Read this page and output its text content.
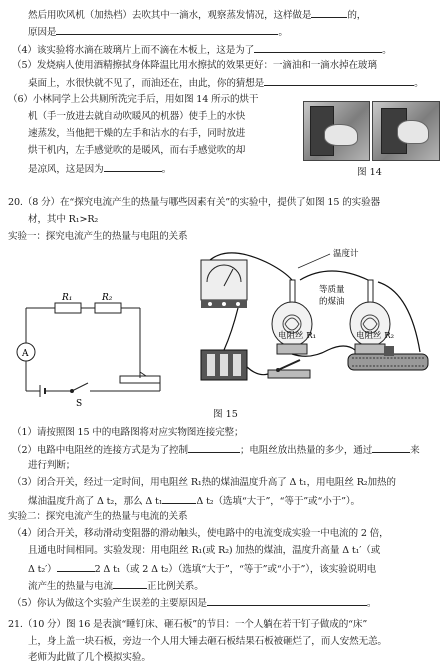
然后用吹风机（加热档）去吹其中一滴水，观察蒸发情况，这样做是	的，
原因是	。
（4）该实验将水滴在玻璃片上而不滴在木板上，这是为了	。
（5）发烧病人使用酒精擦拭身体降温比用水擦拭的效果更好：一滴油和一滴水掉在玻璃
桌面上，水很快就不见了，而油还在，由此，你的猜想是	。
（6）小林同学上公共厕所洗完手后，用如图 14 所示的烘干
机（手一放进去就自动吹暖风的机器）使手上的水快
速蒸发，当他把干燥的左手和沾水的右手，同时放进
烘干机内，左手感觉吹的是暖风，而右手感觉吹的却
是凉风，这是因为	。	图 14
20.（8 分）在“探究电流产生的热量与哪些因素有关”的实验中，提供了如图 15 的实验器
材，其中 R₁>R₂
实验一：探究电流产生的热量与电阻的关系
R₁	R₂
A
S
温度计
等质量
的煤油
电阻丝 R₁	电阻丝 R₂
图 15
（1）请按照图 15 中的电路图将对应实物图连接完整；
（2）电路中电阻丝的连接方式是为了控制	；电阻丝放出热量的多少，通过	来
进行判断；
（3）闭合开关，经过一定时间，用电阻丝 R₁热的煤油温度升高了 Δ t₁，用电阻丝 R₂加热的
煤油温度升高了 Δ t₂，那么 Δ t₁	Δ t₂（选填“大于”，“等于”或“小于”）。
实验二：探究电流产生的热量与电流的关系
（4）闭合开关，移动滑动变阻器的滑动触头，使电路中的电流变成实验一中电流的 2 倍，
且通电时间相同。实验发现：用电阻丝 R₁(或 R₂) 加热的煤油，温度升高量 Δ t₁′（或
Δ t₂′）	2 Δ t₁（或 2 Δ t₂）（选填“大于”，“等于”或“小于”），该实验说明电
流产生的热量与电流	正比例关系。
（5）你认为做这个实验产生误差的主要原因是	。
21.（10 分）图 16 是表演“睡钉床、砸石板”的节目：一个人躺在若干钉子做成的“床”
上，身上盖一块石板，旁边一个人用大锤去砸石板结果石板被砸烂了，而人安然无恙。
老师为此做了几个模拟实验。
